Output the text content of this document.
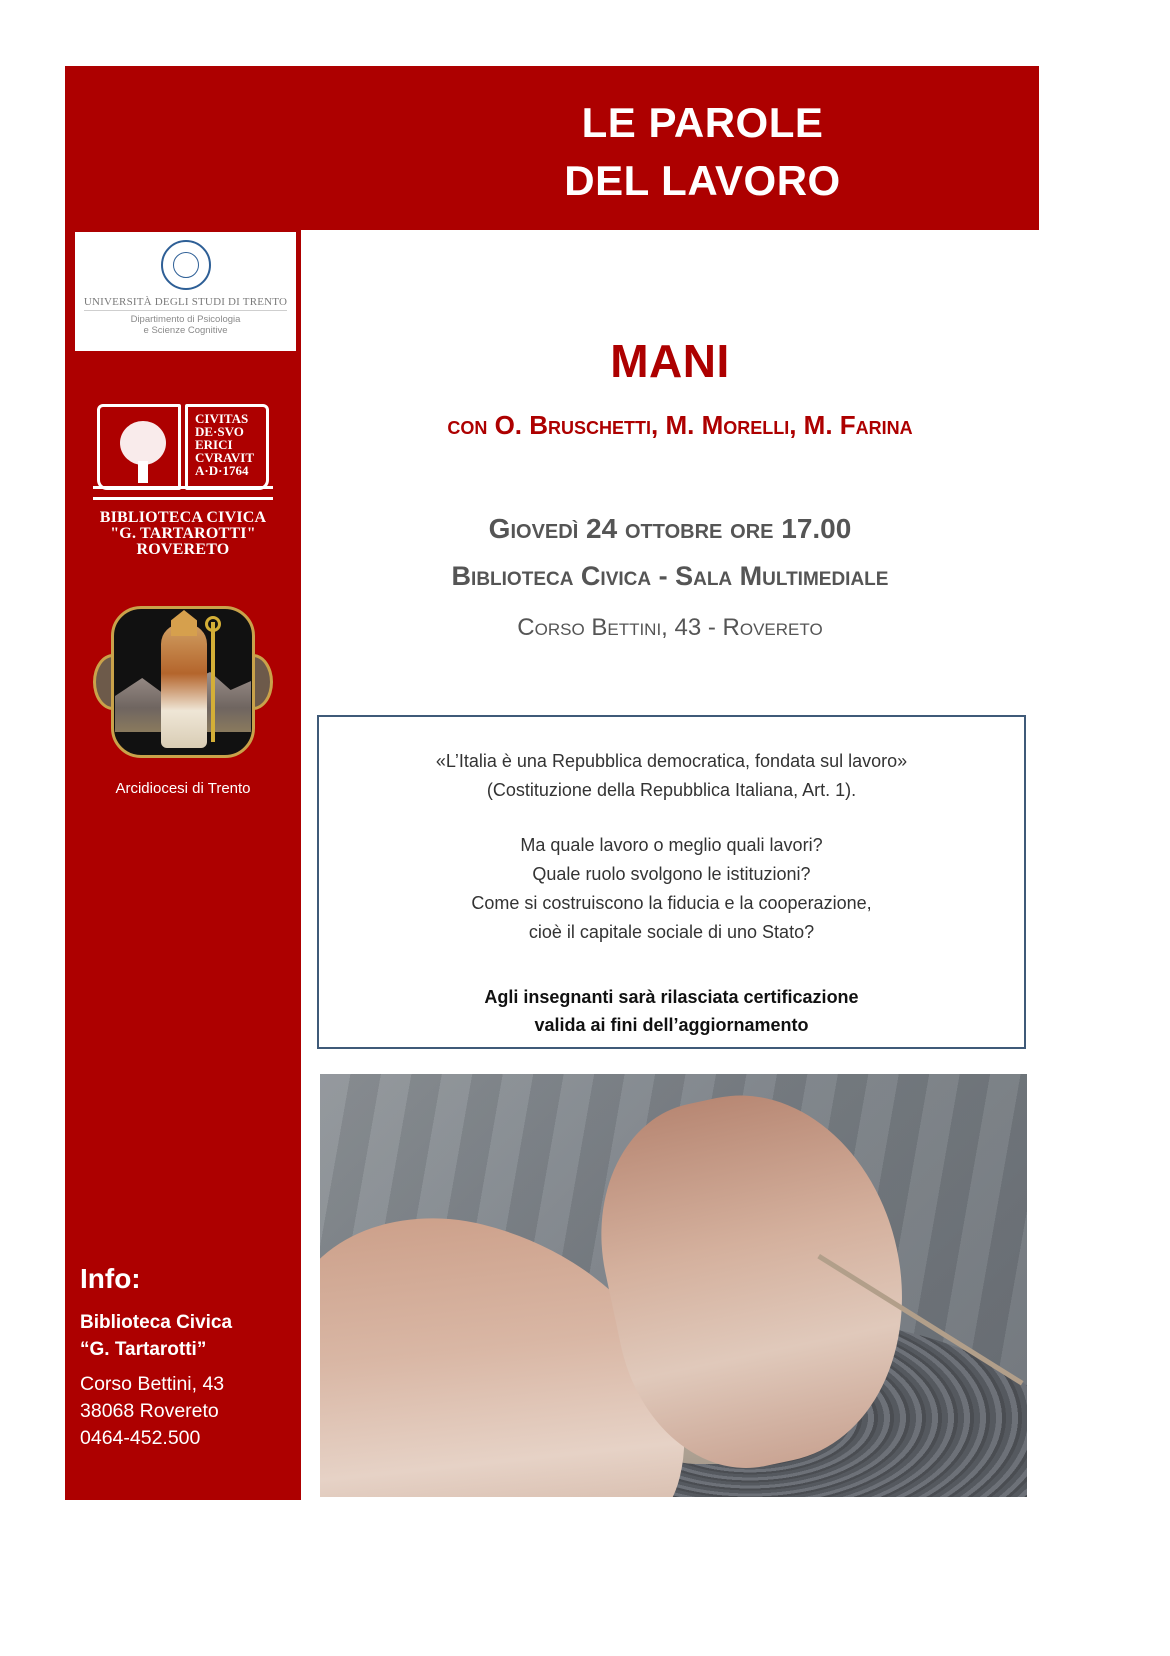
LE PAROLE
DEL LAVORO
UNIVERSITÀ DEGLI STUDI DI TRENTO
Dipartimento di Psicologia
e Scienze Cognitive
CIVITAS
DE·SVO
ERICI
CVRAVIT
A·D·1764
BIBLIOTECA CIVICA
"G. TARTAROTTI"
ROVERETO
Arcidiocesi di Trento
Info:
Biblioteca Civica
“G. Tartarotti”
Corso Bettini, 43
38068 Rovereto
0464-452.500
MANI
con O. Bruschetti, M. Morelli, M. Farina
Giovedì 24 ottobre ore 17.00
Biblioteca Civica - Sala Multimediale
Corso Bettini, 43 - Rovereto
«L’Italia è una Repubblica democratica, fondata sul lavoro»
(Costituzione della Repubblica Italiana, Art. 1).
Ma quale lavoro o meglio quali lavori?
Quale ruolo svolgono le istituzioni?
Come si costruiscono la fiducia e la cooperazione,
cioè il capitale sociale di uno Stato?
Agli insegnanti sarà rilasciata certificazione
valida ai fini dell’aggiornamento
